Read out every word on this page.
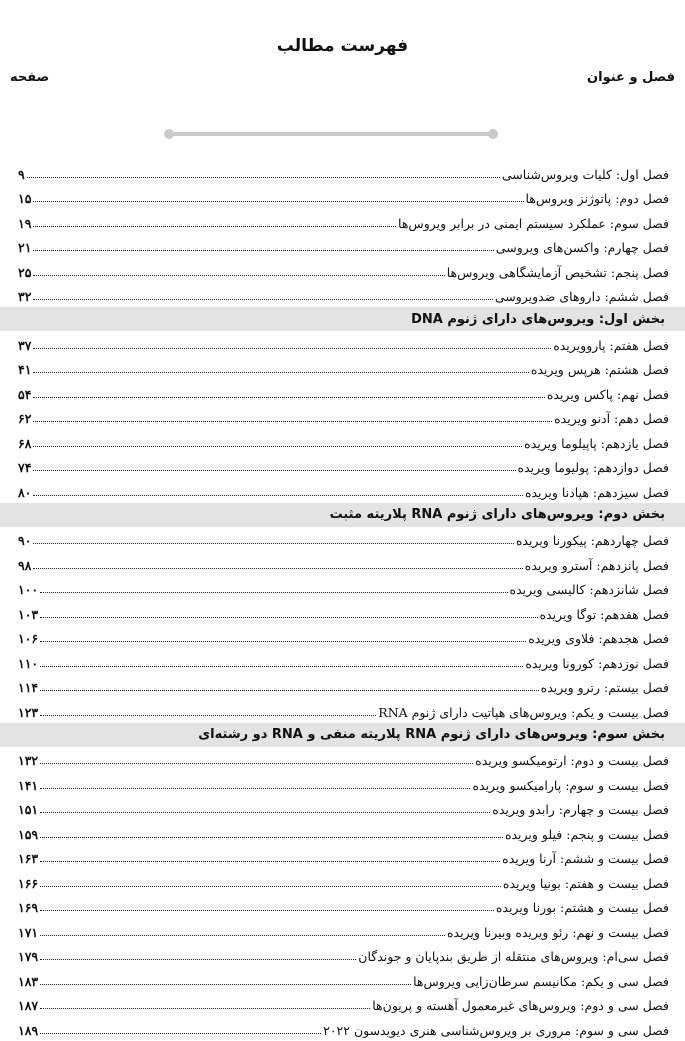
فهرست مطالب
فصل و عنوان
صفحه
فصل اول: کلیات ویروس‌شناسی
۹
فصل دوم: پاتوژنز ویروس‌ها
۱۵
فصل سوم: عملکرد سیستم ایمنی در برابر ویروس‌ها
۱۹
فصل چهارم: واکسن‌های ویروسی
۲۱
فصل پنجم: تشخیص آزمایشگاهی ویروس‌ها
۲۵
فصل ششم: داروهای ضدویروسی
۳۲
بخش اول: ویروس‌های دارای ژنوم DNA
فصل هفتم: پاروویریده
۳۷
فصل هشتم: هرپس ویریده
۴۱
فصل نهم: پاکس ویریده
۵۴
فصل دهم: آدنو ویریده
۶۲
فصل یازدهم: پاپیلوما ویریده
۶۸
فصل دوازدهم: پولیوما ویریده
۷۴
فصل سیزدهم: هپادنا ویریده
۸۰
بخش دوم: ویروس‌های دارای ژنوم RNA پلاریته مثبت
فصل چهاردهم: پیکورنا ویریده
۹۰
فصل پانزدهم: آسترو ویریده
۹۸
فصل شانزدهم: کالیسی ویریده
۱۰۰
فصل هفدهم: توگا ویریده
۱۰۳
فصل هجدهم: فلاوی ویریده
۱۰۶
فصل نوزدهم: کورونا ویریده
۱۱۰
فصل بیستم: رترو ویریده
۱۱۴
فصل بیست و یکم: ویروس‌های هپاتیت دارای ژنوم RNA
۱۲۳
بخش سوم: ویروس‌های دارای ژنوم RNA پلاریته منفی و RNA دو رشته‌ای
فصل بیست و دوم: ارتومیکسو ویریده
۱۳۲
فصل بیست و سوم: پارامیکسو ویریده
۱۴۱
فصل بیست و چهارم: رابدو ویریده
۱۵۱
فصل بیست و پنجم: فیلو ویریده
۱۵۹
فصل بیست و ششم: آرنا ویریده
۱۶۳
فصل بیست و هفتم: بونیا ویریده
۱۶۶
فصل بیست و هشتم: بورنا ویریده
۱۶۹
فصل بیست و نهم: رئو ویریده وبیرنا ویریده
۱۷۱
فصل سی‌ام: ویروس‌های منتقله از طریق بندپایان و جوندگان
۱۷۹
فصل سی و یکم: مکانیسم سرطان‌زایی ویروس‌ها
۱۸۳
فصل سی و دوم: ویروس‌های غیرمعمول آهسته و پریون‌ها
۱۸۷
فصل سی و سوم: مروری بر ویروس‌شناسی هنری دیویدسون ۲۰۲۲
۱۸۹
